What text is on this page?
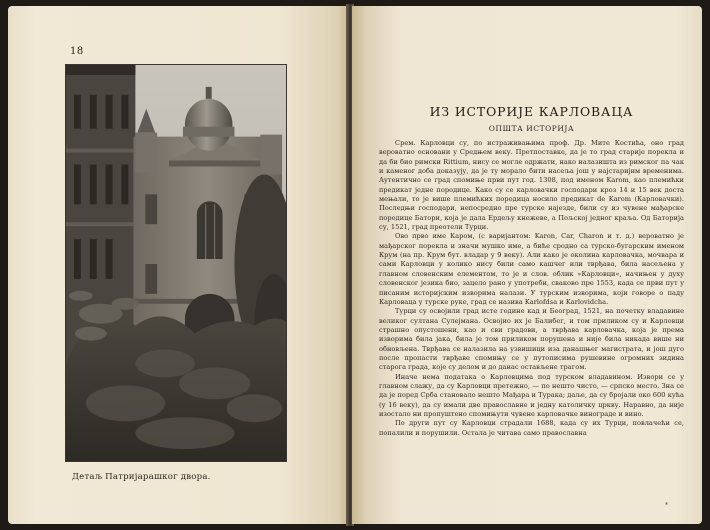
18
Детаљ Патријарашког двора.
ИЗ ИСТОРИЈЕ КАРЛОВАЦА
ОПШТА ИСТОРИЈА

Срем. Карловци су, по истраживањима проф. Др. Мите Костића, оно град вероватно основани у Средњем веку. Претпоставке, да је то град старије порекла и да би био римски Rittium, нису се могле одржати, нако налазишта из римског па чак и каменог доба доказују, да је ту морало бити насеља још у најстаријим временима. Аутентично се град спомиње први пут год. 1308, под именом Karom, као племићки предикат једне породице. Како су се карловачки господари кроз 14 и 15 век доста мењали, то је више племићких породица носило предикат de Karom (Карловачки). Последњи господари, непосредно пре турске најезде, били су из чувене мађарске породице Батори, која је дала Ердељу кнежеве, а Пољској једног краља. Од Баторија су, 1521, град преотели Турци.

Ово прво име Каром, (с варијантом: Karon, Car, Charon и т. д.) вероватно је мађарског порекла и значи мушко име, а биће сродно са турско-бугарским именом Крум (на пр. Крум бут. владар у 9 веку). Али како је околина карловачка, мочвара и сами Карловци у колико нису били само кашчег или тврђава, била насељена у главном словенским елементом, то је и слов. облик »Карловци«, начињен у духу словенског језика био, зацело рано у употреби, сваково пре 1553, када се први пут у писаним историјским изворима налази. У турским изворима, који говоре о паду Карловаца у турске руке, град се назива Karlofdsa и Karlovidcha.

Турци су освојили град исте године кад и Београд, 1521, на почетку владавине великог султана Сулејмана. Освојио их је Балибег, и том приликом су и Карловци страшно опустошени, као и сви градови, а тврђава карловачка, која је према изворима била јака, била је том приликом порушена и није била никада више ни обновљена. Тврђава се налазила на узвишици иза данашњег магистрата, и још дуго после пропасти тврђаве спомињу се у путописима рушевине огромних зидина старога града, које су делом и до данас остављене трагом.

Иначе нема података о Карловцима под турском владавином. Извори се у главном слажу, да су Карловци претежно, — по нешто чисто, — српско место. Зна се да је поред Срба становало нешто Мађара и Турака; даље, да су бројали око 600 кућа (у 16 веку), да су имали две православне и једну католичку цркву. Наравно, да није изостало ни пропуштено спомињути чувене карловачке винограде и вино.

По други пут су Карловци страдали 1688, када су их Турци, повлачећи се, попалили и порушили. Остала је читава само православна

*
